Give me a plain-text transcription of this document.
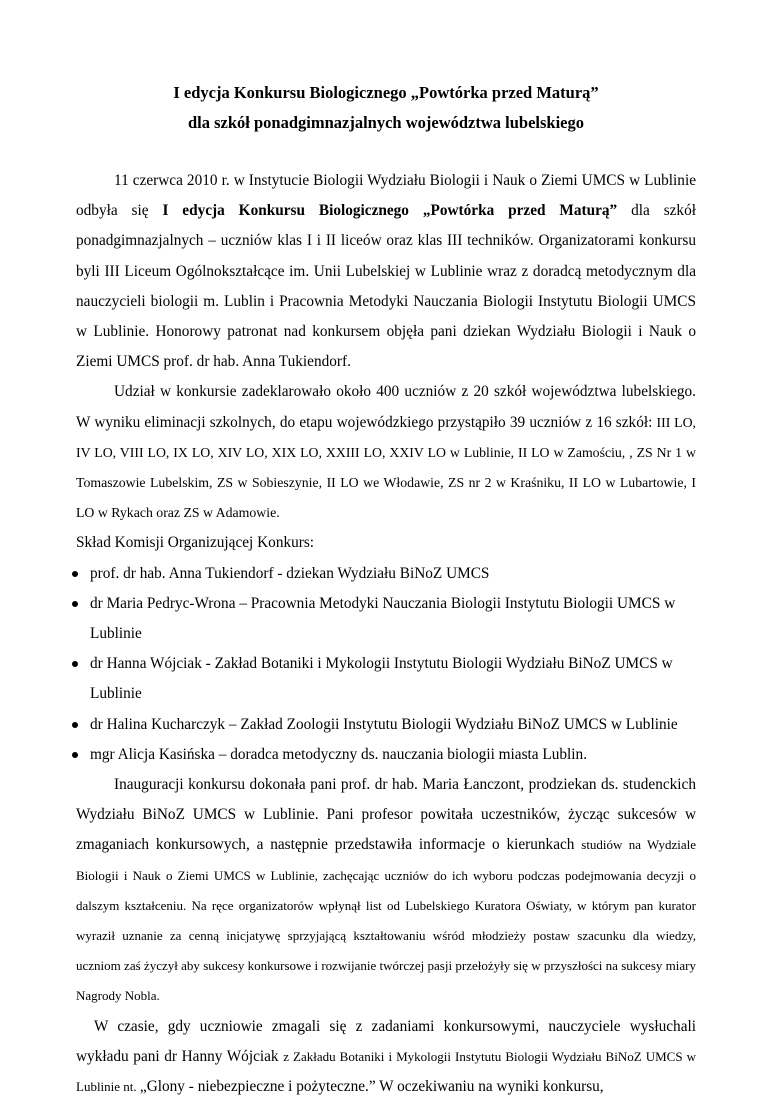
I edycja Konkursu Biologicznego „Powtórka przed Maturą”

dla szkół ponadgimnazjalnych województwa lubelskiego

11 czerwca 2010 r. w Instytucie Biologii Wydziału Biologii i Nauk o Ziemi UMCS w Lublinie odbyła się I edycja Konkursu Biologicznego „Powtórka przed Maturą” dla szkół ponadgimnazjalnych – uczniów klas I i II liceów oraz klas III techników. Organizatorami konkursu byli III Liceum Ogólnokształcące im. Unii Lubelskiej w Lublinie wraz z doradcą metodycznym dla nauczycieli biologii m. Lublin i Pracownia Metodyki Nauczania Biologii Instytutu Biologii UMCS w Lublinie. Honorowy patronat nad konkursem objęła pani dziekan Wydziału Biologii i Nauk o Ziemi UMCS prof. dr hab. Anna Tukiendorf.

Udział w konkursie zadeklarowało około 400 uczniów z 20 szkół województwa lubelskiego. W wyniku eliminacji szkolnych, do etapu wojewódzkiego przystąpiło 39 uczniów z 16 szkół: III LO, IV LO, VIII LO, IX LO, XIV LO, XIX LO, XXIII LO, XXIV LO w Lublinie, II LO w Zamościu, , ZS Nr 1 w Tomaszowie Lubelskim, ZS w Sobieszynie, II LO we Włodawie, ZS nr 2 w Kraśniku, II LO w Lubartowie, I LO w Rykach oraz ZS w Adamowie.

Skład Komisji Organizującej Konkurs:

prof. dr hab. Anna Tukiendorf - dziekan Wydziału BiNoZ UMCS
dr Maria Pedryc-Wrona – Pracownia Metodyki Nauczania Biologii Instytutu Biologii UMCS w Lublinie
dr Hanna Wójciak - Zakład Botaniki i Mykologii Instytutu Biologii Wydziału BiNoZ UMCS w Lublinie
dr Halina Kucharczyk – Zakład Zoologii Instytutu Biologii Wydziału BiNoZ UMCS w Lublinie
mgr Alicja Kasińska – doradca metodyczny ds. nauczania biologii miasta Lublin.

Inauguracji konkursu dokonała pani prof. dr hab. Maria Łanczont, prodziekan ds. studenckich Wydziału BiNoZ UMCS w Lublinie. Pani profesor powitała uczestników, życząc sukcesów w zmaganiach konkursowych, a następnie przedstawiła informacje o kierunkach studiów na Wydziale Biologii i Nauk o Ziemi UMCS w Lublinie, zachęcając uczniów do ich wyboru podczas podejmowania decyzji o dalszym kształceniu. Na ręce organizatorów wpłynął list od Lubelskiego Kuratora Oświaty, w którym pan kurator wyraził uznanie za cenną inicjatywę sprzyjającą kształtowaniu wśród młodzieży postaw szacunku dla wiedzy, uczniom zaś życzył aby sukcesy konkursowe i rozwijanie twórczej pasji przełożyły się w przyszłości na sukcesy miary Nagrody Nobla.

W czasie, gdy uczniowie zmagali się z zadaniami konkursowymi, nauczyciele wysłuchali wykładu pani dr Hanny Wójciak z Zakładu Botaniki i Mykologii Instytutu Biologii Wydziału BiNoZ UMCS w Lublinie nt. „Glony - niebezpieczne i pożyteczne.” W oczekiwaniu na wyniki konkursu,
